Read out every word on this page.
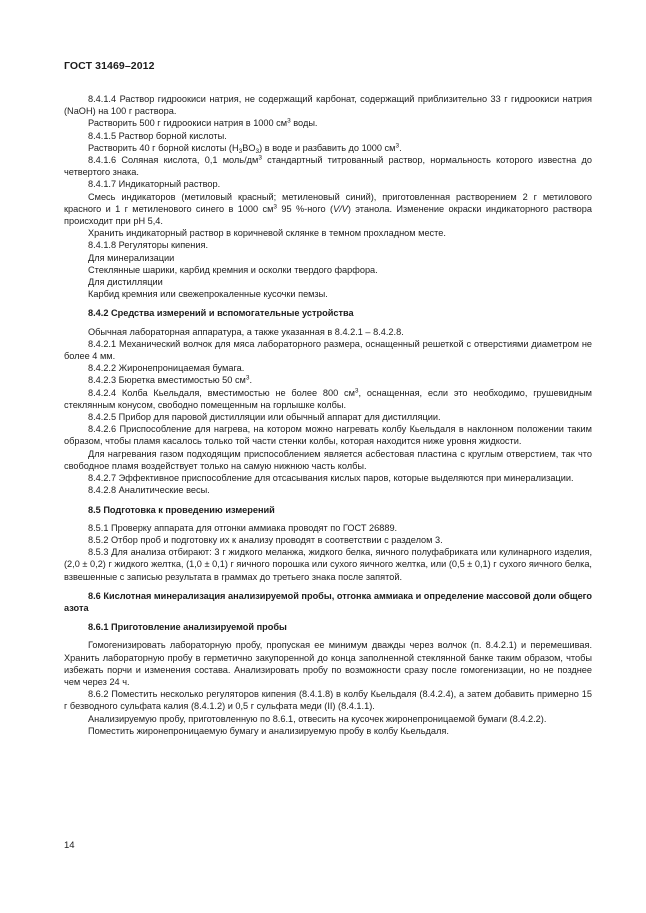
ГОСТ 31469–2012

8.4.1.4 Раствор гидроокиси натрия, не содержащий карбонат, содержащий приблизительно 33 г гидроокиси натрия (NaOH) на 100 г раствора.

Растворить 500 г гидроокиси натрия в 1000 $см^3$ воды.

8.4.1.5 Раствор борной кислоты.

Растворить 40 г борной кислоты $(H_3BO_3)$ в воде и разбавить до 1000 $см^3$.

8.4.1.6 Соляная кислота, 0,1 моль/$дм^3$ стандартный титрованный раствор, нормальность которого известна до четвертого знака.

8.4.1.7 Индикаторный раствор.

Смесь индикаторов (метиловый красный; метиленовый синий), приготовленная растворением 2 г метилового красного и 1 г метиленового синего в 1000 $см^3$ 95 %-ного (V/V) этанола. Изменение окраски индикаторного раствора происходит при pH 5,4.

Хранить индикаторный раствор в коричневой склянке в темном прохладном месте.

8.4.1.8 Регуляторы кипения.

Для минерализации

Стеклянные шарики, карбид кремния и осколки твердого фарфора.

Для дистилляции

Карбид кремния или свежепрокаленные кусочки пемзы.

8.4.2 Средства измерений и вспомогательные устройства

Обычная лабораторная аппаратура, а также указанная в 8.4.2.1 – 8.4.2.8.

8.4.2.1 Механический волчок для мяса лабораторного размера, оснащенный решеткой с отверстиями диаметром не более 4 мм.

8.4.2.2 Жиронепроницаемая бумага.

8.4.2.3 Бюретка вместимостью 50 $см^3$.

8.4.2.4 Колба Кьельдаля, вместимостью не более 800 $см^3$, оснащенная, если это необходимо, грушевидным стеклянным конусом, свободно помещенным на горлышке колбы.

8.4.2.5 Прибор для паровой дистилляции или обычный аппарат для дистилляции.

8.4.2.6 Приспособление для нагрева, на котором можно нагревать колбу Кьельдаля в наклонном положении таким образом, чтобы пламя касалось только той части стенки колбы, которая находится ниже уровня жидкости.

Для нагревания газом подходящим приспособлением является асбестовая пластина с круглым отверстием, так что свободное пламя воздействует только на самую нижнюю часть колбы.

8.4.2.7 Эффективное приспособление для отсасывания кислых паров, которые выделяются при минерализации.

8.4.2.8 Аналитические весы.

8.5 Подготовка к проведению измерений

8.5.1 Проверку аппарата для отгонки аммиака проводят по ГОСТ 26889.

8.5.2 Отбор проб и подготовку их к анализу проводят в соответствии с разделом 3.

8.5.3 Для анализа отбирают: 3 г жидкого меланжа, жидкого белка, яичного полуфабриката или кулинарного изделия, (2,0 ± 0,2) г жидкого желтка, (1,0 ± 0,1) г яичного порошка или сухого яичного желтка, или (0,5 ± 0,1) г сухого яичного белка, взвешенные с записью результата в граммах до третьего знака после запятой.

8.6 Кислотная минерализация анализируемой пробы, отгонка аммиака и определение массовой доли общего азота

8.6.1 Приготовление анализируемой пробы

Гомогенизировать лабораторную пробу, пропуская ее минимум дважды через волчок (п. 8.4.2.1) и перемешивая. Хранить лабораторную пробу в герметично закупоренной до конца заполненной стеклянной банке таким образом, чтобы избежать порчи и изменения состава. Анализировать пробу по возможности сразу после гомогенизации, но не позднее чем через 24 ч.

8.6.2 Поместить несколько регуляторов кипения (8.4.1.8) в колбу Кьельдаля (8.4.2.4), а затем добавить примерно 15 г безводного сульфата калия (8.4.1.2) и 0,5 г сульфата меди (II) (8.4.1.1).

Анализируемую пробу, приготовленную по 8.6.1, отвесить на кусочек жиронепроницаемой бумаги (8.4.2.2).

Поместить жиронепроницаемую бумагу и анализируемую пробу в колбу Кьельдаля.

14
